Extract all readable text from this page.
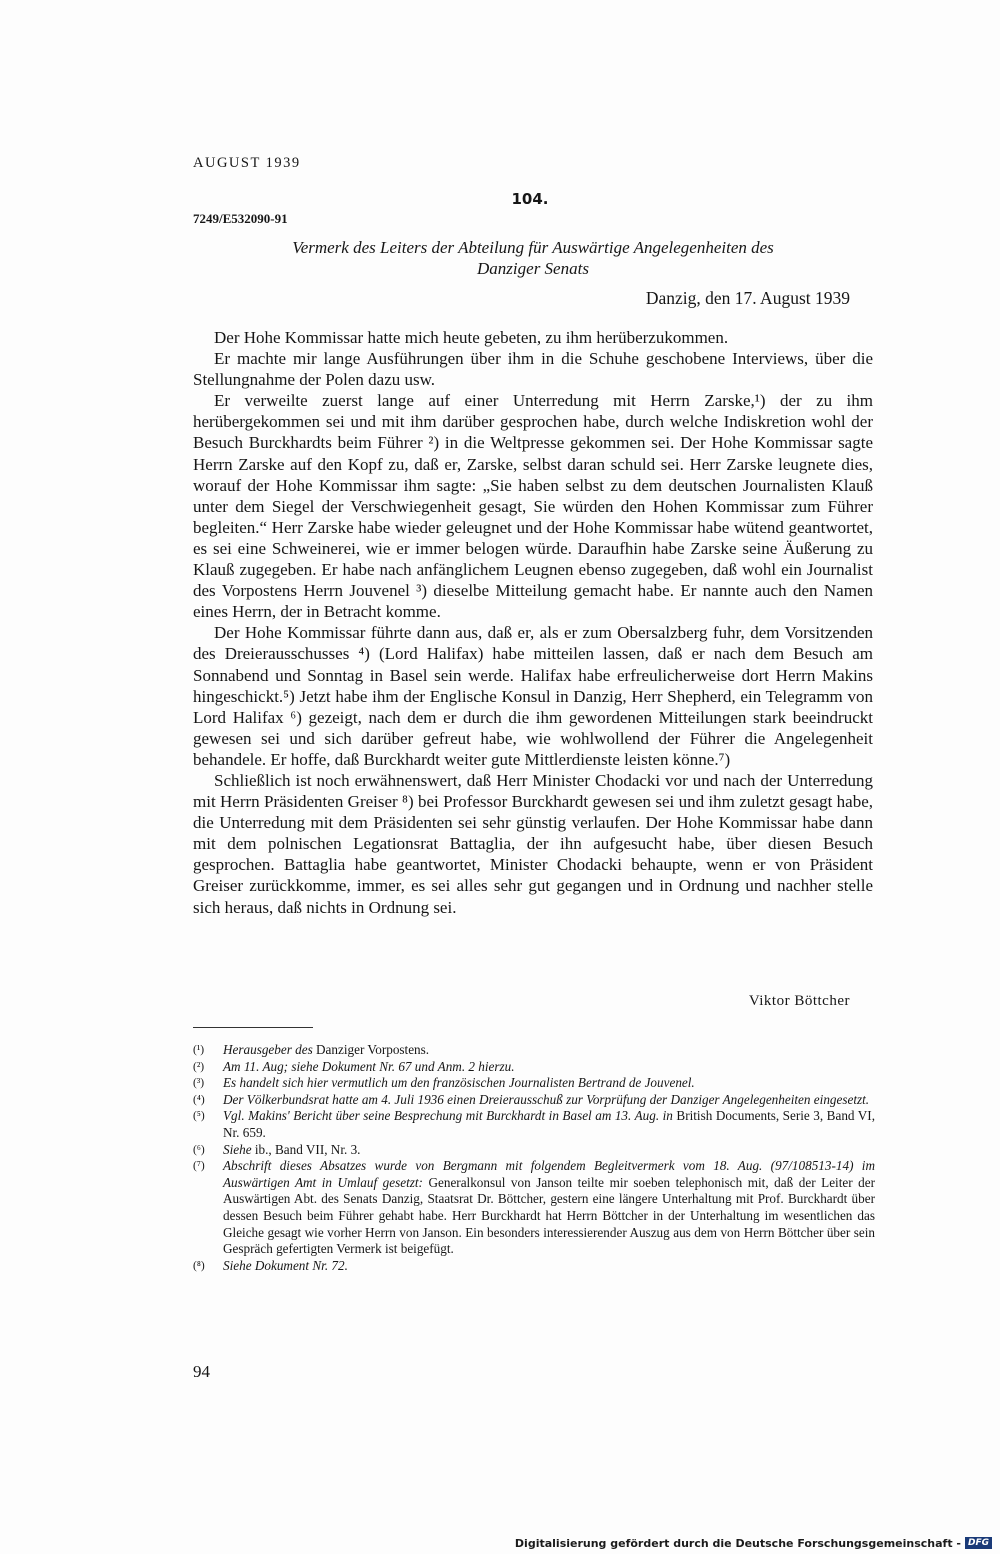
AUGUST 1939
104.
7249/E532090-91
Vermerk des Leiters der Abteilung für Auswärtige Angelegenheiten des
Danziger Senats
Danzig, den 17. August 1939

Der Hohe Kommissar hatte mich heute gebeten, zu ihm herüberzukommen.

Er machte mir lange Ausführungen über ihm in die Schuhe geschobene Interviews, über die Stellungnahme der Polen dazu usw.

Er verweilte zuerst lange auf einer Unterredung mit Herrn Zarske,¹) der zu ihm herübergekommen sei und mit ihm darüber gesprochen habe, durch welche Indiskretion wohl der Besuch Burckhardts beim Führer ²) in die Weltpresse gekommen sei. Der Hohe Kommissar sagte Herrn Zarske auf den Kopf zu, daß er, Zarske, selbst daran schuld sei. Herr Zarske leugnete dies, worauf der Hohe Kommissar ihm sagte: „Sie haben selbst zu dem deutschen Journalisten Klauß unter dem Siegel der Verschwiegenheit gesagt, Sie würden den Hohen Kommissar zum Führer begleiten.“ Herr Zarske habe wieder geleugnet und der Hohe Kommissar habe wütend geantwortet, es sei eine Schweinerei, wie er immer belogen würde. Daraufhin habe Zarske seine Äußerung zu Klauß zugegeben. Er habe nach anfänglichem Leugnen ebenso zugegeben, daß wohl ein Journalist des Vorpostens Herrn Jouvenel ³) dieselbe Mitteilung gemacht habe. Er nannte auch den Namen eines Herrn, der in Betracht komme.

Der Hohe Kommissar führte dann aus, daß er, als er zum Obersalzberg fuhr, dem Vorsitzenden des Dreierausschusses ⁴) (Lord Halifax) habe mitteilen lassen, daß er nach dem Besuch am Sonnabend und Sonntag in Basel sein werde. Halifax habe erfreulicherweise dort Herrn Makins hingeschickt.⁵) Jetzt habe ihm der Englische Konsul in Danzig, Herr Shepherd, ein Telegramm von Lord Halifax ⁶) gezeigt, nach dem er durch die ihm gewordenen Mitteilungen stark beeindruckt gewesen sei und sich darüber gefreut habe, wie wohlwollend der Führer die Angelegenheit behandele. Er hoffe, daß Burckhardt weiter gute Mittlerdienste leisten könne.⁷)

Schließlich ist noch erwähnenswert, daß Herr Minister Chodacki vor und nach der Unterredung mit Herrn Präsidenten Greiser ⁸) bei Professor Burckhardt gewesen sei und ihm zuletzt gesagt habe, die Unterredung mit dem Präsidenten sei sehr günstig verlaufen. Der Hohe Kommissar habe dann mit dem polnischen Legationsrat Battaglia, der ihn aufgesucht habe, über diesen Besuch gesprochen. Battaglia habe geantwortet, Minister Chodacki behaupte, wenn er von Präsident Greiser zurückkomme, immer, es sei alles sehr gut gegangen und in Ordnung und nachher stelle sich heraus, daß nichts in Ordnung sei.

Viktor Böttcher
(¹)	Herausgeber des Danziger Vorpostens.
(²)	Am 11. Aug; siehe Dokument Nr. 67 und Anm. 2 hierzu.
(³)	Es handelt sich hier vermutlich um den französischen Journalisten Bertrand de Jouvenel.
(⁴)	Der Völkerbundsrat hatte am 4. Juli 1936 einen Dreierausschuß zur Vorprüfung der Danziger Angelegenheiten eingesetzt.
(⁵)	Vgl. Makins' Bericht über seine Besprechung mit Burckhardt in Basel am 13. Aug. in British Documents, Serie 3, Band VI, Nr. 659.
(⁶)	Siehe ib., Band VII, Nr. 3.
(⁷)	Abschrift dieses Absatzes wurde von Bergmann mit folgendem Begleitvermerk vom 18. Aug. (97/108513-14) im Auswärtigen Amt in Umlauf gesetzt: Generalkonsul von Janson teilte mir soeben telephonisch mit, daß der Leiter der Auswärtigen Abt. des Senats Danzig, Staatsrat Dr. Böttcher, gestern eine längere Unterhaltung mit Prof. Burckhardt über dessen Besuch beim Führer gehabt habe. Herr Burckhardt hat Herrn Böttcher in der Unterhaltung im wesentlichen das Gleiche gesagt wie vorher Herrn von Janson. Ein besonders interessierender Auszug aus dem von Herrn Böttcher über sein Gespräch gefertigten Vermerk ist beigefügt.
(⁸)	Siehe Dokument Nr. 72.
94
Digitalisierung gefördert durch die Deutsche Forschungsgemeinschaft - DFG
